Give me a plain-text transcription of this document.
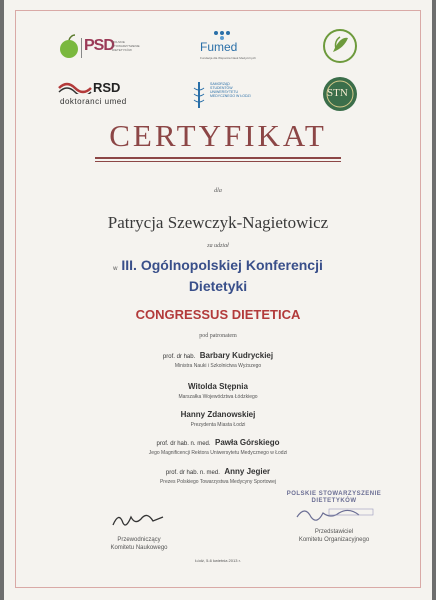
PSD
POLSKIE STOWARZYSZENIE DIETETYKÓW	Fumed
Fundacja dla Wsparcia Nauk Medycznych
RSD
doktoranci umed
SAMORZĄD STUDENTÓW UNIWERSYTETU MEDYCZNEGO W ŁODZI	STN
CERTYFIKAT
dla
Patrycja Szewczyk-Nagietowicz
za udział
w III. Ogólnopolskiej Konferencji
Dietetyki
CONGRESSUS DIETETICA
pod patronatem
prof. dr hab. Barbary Kudryckiej
Ministra Nauki i Szkolnictwa Wyższego
Witolda Stępnia
Marszałka Województwa Łódzkiego
Hanny Zdanowskiej
Prezydenta Miasta Łodzi
prof. dr hab. n. med. Pawła Górskiego
Jego Magnificencji Rektora Uniwersytetu Medycznego w Łodzi
prof. dr hab. n. med. Anny Jegier
Prezes Polskiego Towarzystwa Medycyny Sportowej
Przewodniczący
Komitetu Naukowego
POLSKIE STOWARZYSZENIE
DIETETYKÓW
Przedstawiciel
Komitetu Organizacyjnego
Łódź, 5-6 kwietnia 2013 r.
